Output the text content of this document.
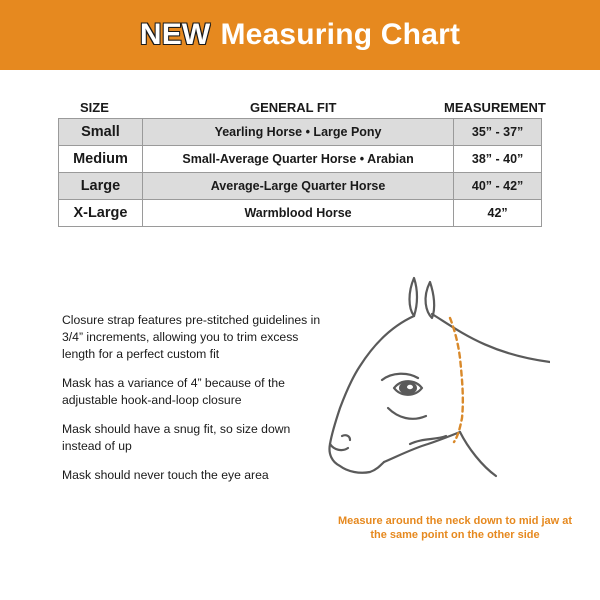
NEW Measuring Chart
SIZE	GENERAL FIT	MEASUREMENT
Small	Yearling Horse • Large Pony	35” - 37”
Medium	Small-Average Quarter Horse • Arabian	38” - 40”
Large	Average-Large Quarter Horse	40” - 42”
X-Large	Warmblood Horse	42”

Closure strap features pre-stitched guidelines in 3/4” increments, allowing you to trim excess length for a perfect custom fit

Mask has a variance of 4” because of the adjustable hook-and-loop closure

Mask should have a snug fit, so size down instead of up

Mask should never touch the eye area

Measure around the neck down to mid jaw at the same point on the other side
